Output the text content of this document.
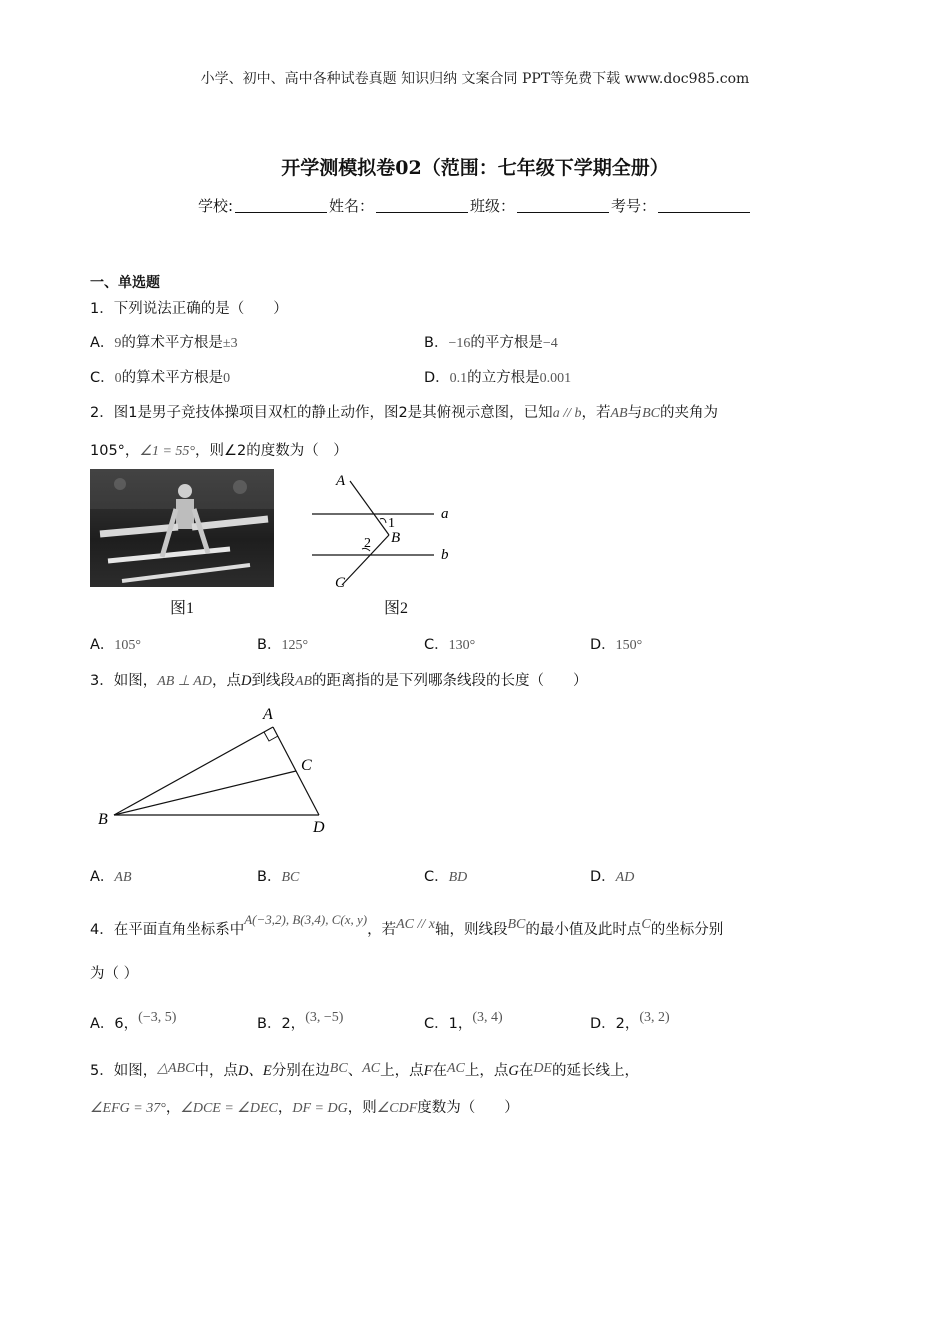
小学、初中、高中各种试卷真题 知识归纳 文案合同 PPT等免费下载 www.doc985.com
开学测模拟卷02（范围：七年级下学期全册）
学校:	姓名：	班级：	考号：
一、单选题
1．下列说法正确的是（　　）
A．9的算术平方根是±3	B．−16的平方根是−4
C．0的算术平方根是0	D．0.1的立方根是0.001
2．图1是男子竞技体操项目双杠的静止动作，图2是其俯视示意图，已知a // b，若AB与BC的夹角为
105°，∠1 = 55°，则∠2的度数为（　）
图1
A
B
C
a
b
1
2
图2
A．105°	B．125°	C．130°	D．150°
3．如图，AB ⊥ AD，点D到线段AB的距离指的是下列哪条线段的长度（　　）
A
B
C
D
A．AB	B．BC	C．BD	D．AD
4．在平面直角坐标系中A(−3,2), B(3,4), C(x, y)，若AC // x轴，则线段BC的最小值及此时点C的坐标分别
为（ ）
A．6，(−3, 5)	B．2，(3, −5)	C．1，(3, 4)	D．2，(3, 2)
5．如图，△ABC中，点D、E分别在边BC、AC上，点F在AC上，点G在DE的延长线上，
∠EFG = 37°，∠DCE = ∠DEC，DF = DG，则∠CDF度数为（　　）
